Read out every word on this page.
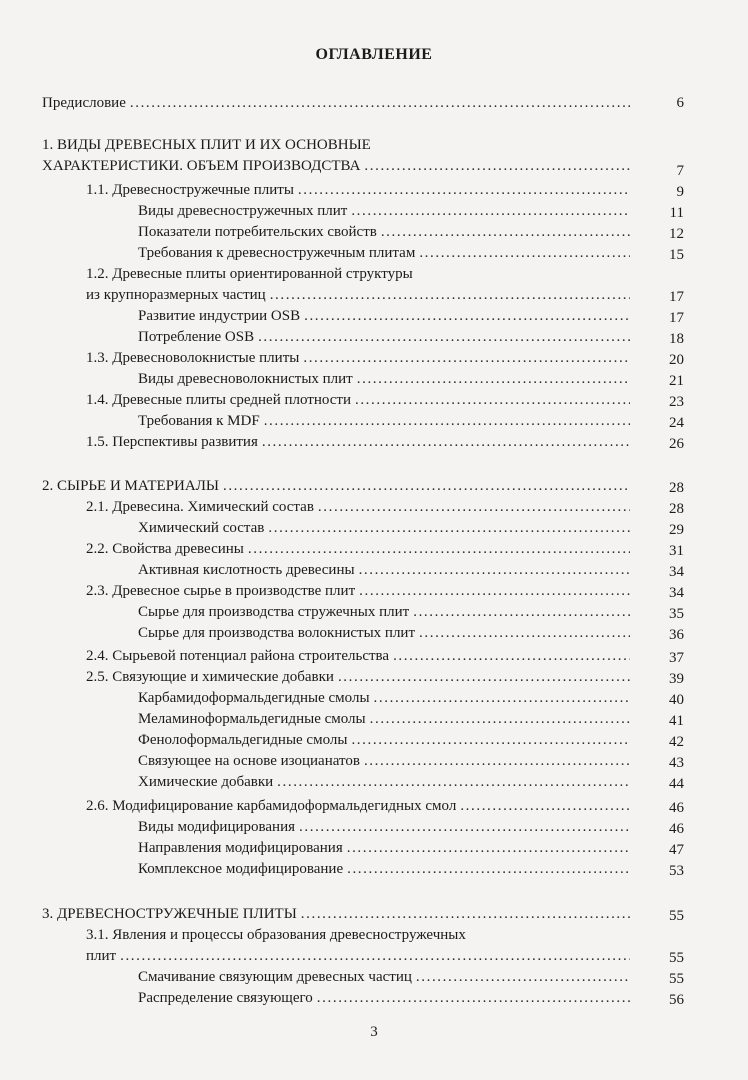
ОГЛАВЛЕНИЕ
Предисловие .....	6
1. ВИДЫ ДРЕВЕСНЫХ ПЛИТ И ИХ ОСНОВНЫЕ
ХАРАКТЕРИСТИКИ. ОБЪЕМ ПРОИЗВОДСТВА .....	7
1.1. Древесностружечные плиты .....	9
Виды древесностружечных плит .....	11
Показатели потребительских свойств .....	12
Требования к древесностружечным плитам .....	15
1.2. Древесные плиты ориентированной структуры
из крупноразмерных частиц .....	17
Развитие индустрии OSB .....	17
Потребление OSB .....	18
1.3. Древесноволокнистые плиты .....	20
Виды древесноволокнистых плит .....	21
1.4. Древесные плиты средней плотности .....	23
Требования к MDF .....	24
1.5. Перспективы развития .....	26
2. СЫРЬЕ И МАТЕРИАЛЫ .....	28
2.1. Древесина. Химический состав .....	28
Химический состав .....	29
2.2. Свойства древесины .....	31
Активная кислотность древесины .....	34
2.3. Древесное сырье в производстве плит .....	34
Сырье для производства стружечных плит .....	35
Сырье для производства волокнистых плит .....	36
2.4. Сырьевой потенциал района строительства .....	37
2.5. Связующие и химические добавки .....	39
Карбамидоформальдегидные смолы .....	40
Меламиноформальдегидные смолы .....	41
Фенолоформальдегидные смолы .....	42
Связующее на основе изоцианатов .....	43
Химические добавки .....	44
2.6. Модифицирование карбамидоформальдегидных смол .....	46
Виды модифицирования .....	46
Направления модифицирования .....	47
Комплексное модифицирование .....	53
3. ДРЕВЕСНОСТРУЖЕЧНЫЕ ПЛИТЫ .....	55
3.1. Явления и процессы образования древесностружечных
плит .....	55
Смачивание связующим древесных частиц .....	55
Распределение связующего .....	56
3
